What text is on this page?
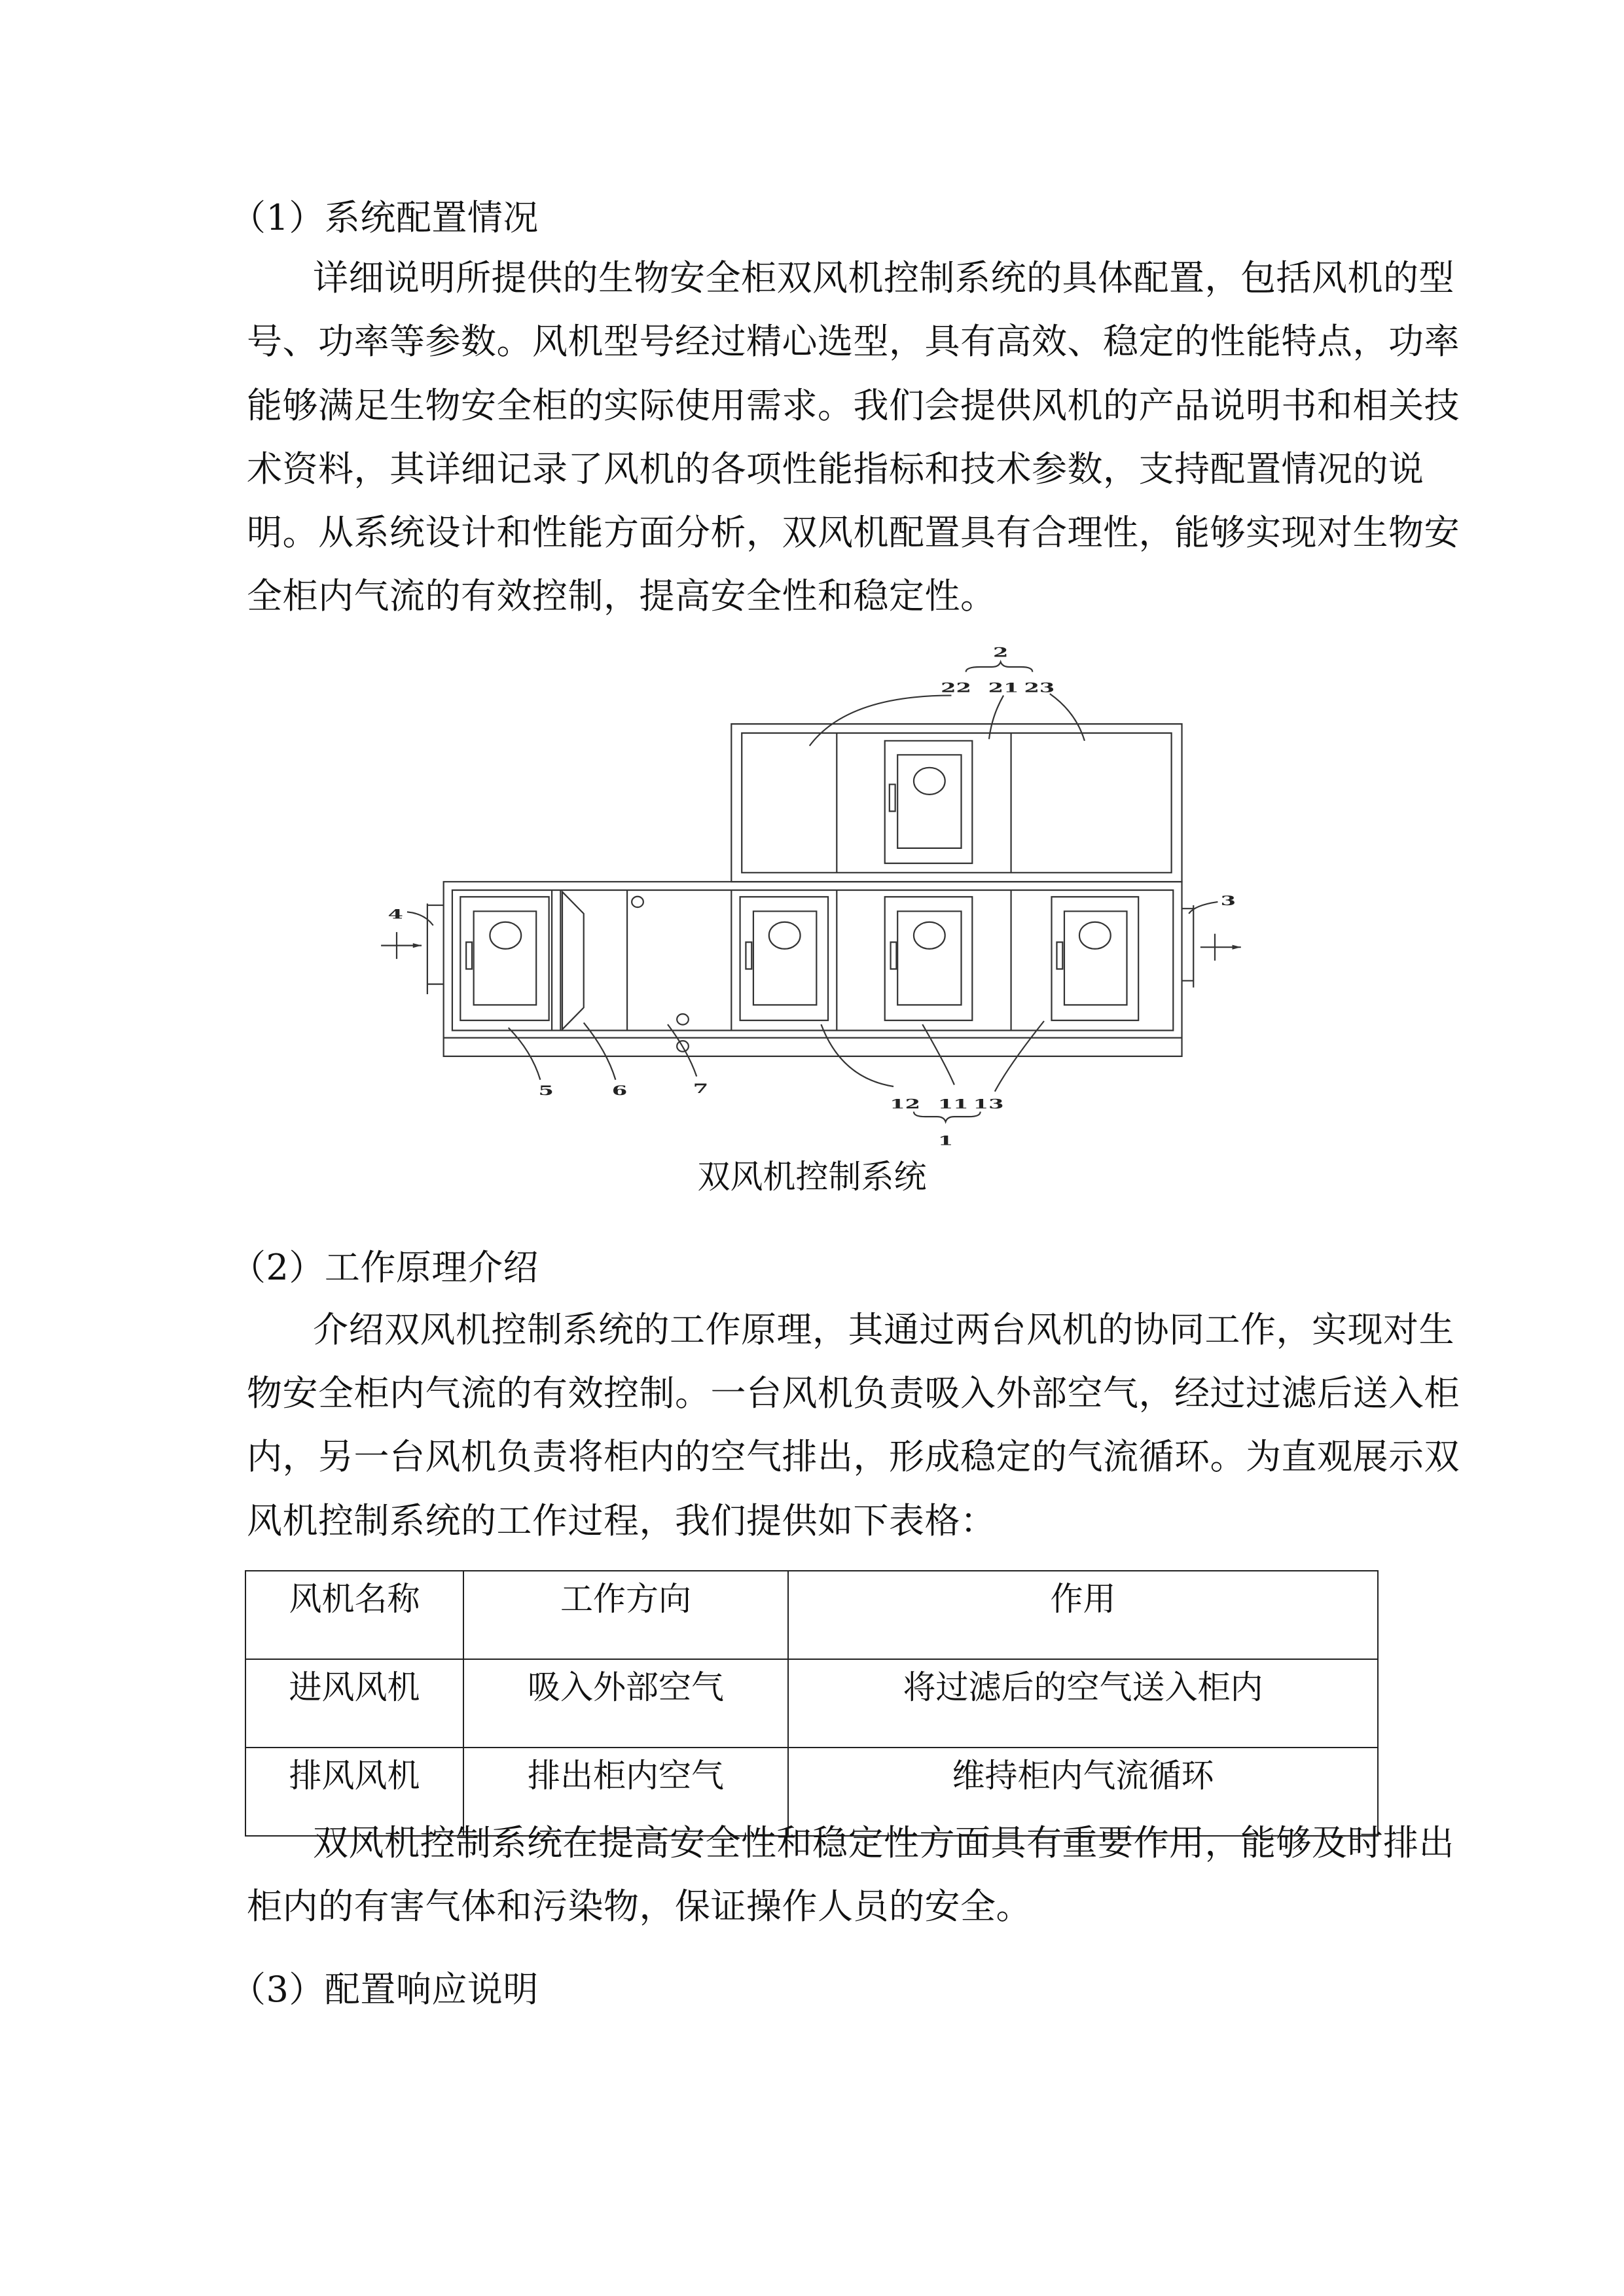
（1）系统配置情况
详细说明所提供的生物安全柜双风机控制系统的具体配置，包括风机的型
号、功率等参数。风机型号经过精心选型，具有高效、稳定的性能特点，功率
能够满足生物安全柜的实际使用需求。我们会提供风机的产品说明书和相关技
术资料，其详细记录了风机的各项性能指标和技术参数，支持配置情况的说
明。从系统设计和性能方面分析，双风机配置具有合理性，能够实现对生物安
全柜内气流的有效控制，提高安全性和稳定性。
2
22 21 23
4
3
5 6	7
12 11 13
1
双风机控制系统
（2）工作原理介绍
介绍双风机控制系统的工作原理，其通过两台风机的协同工作，实现对生
物安全柜内气流的有效控制。一台风机负责吸入外部空气，经过过滤后送入柜
内，另一台风机负责将柜内的空气排出，形成稳定的气流循环。为直观展示双
风机控制系统的工作过程，我们提供如下表格：
风机名称	工作方向	作用
进风风机	吸入外部空气	将过滤后的空气送入柜内
排风风机	排出柜内空气	维持柜内气流循环
双风机控制系统在提高安全性和稳定性方面具有重要作用，能够及时排出
柜内的有害气体和污染物，保证操作人员的安全。
（3）配置响应说明
